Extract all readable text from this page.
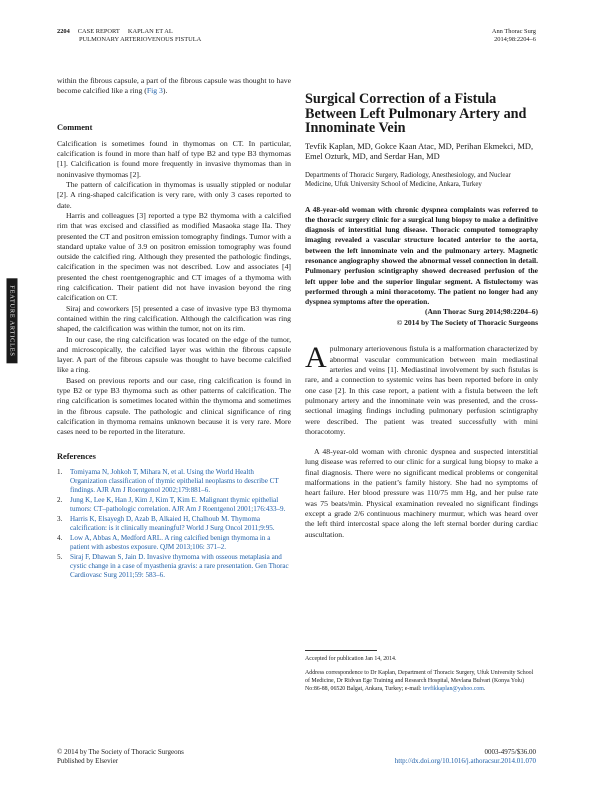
2204 CASE REPORT KAPLAN ET AL
PULMONARY ARTERIOVENOUS FISTULA
Ann Thorac Surg
2014;98:2204–6
FEATURE ARTICLES

within the fibrous capsule, a part of the fibrous capsule was thought to have become calcified like a ring (Fig 3).

Comment

Calcification is sometimes found in thymomas on CT. In particular, calcification is found in more than half of type B2 and type B3 thymomas [1]. Calcification is found more frequently in invasive thymomas than in noninvasive thymomas [2].

The pattern of calcification in thymomas is usually stippled or nodular [2]. A ring-shaped calcification is very rare, with only 3 cases reported to date.

Harris and colleagues [3] reported a type B2 thymoma with a calcified rim that was excised and classified as modified Masaoka stage IIa. They presented the CT and positron emission tomography findings. Tumor with a standard uptake value of 3.9 on positron emission tomography was found outside the calcified ring. Although they presented the pathologic findings, calcification in the specimen was not described. Low and associates [4] presented the chest roentgenographic and CT images of a thymoma with ring calcification. Their patient did not have invasion beyond the ring calcification on CT.

Siraj and coworkers [5] presented a case of invasive type B3 thymoma contained within the ring calcification. Although the calcification was ring shaped, the calcification was within the tumor, not on its rim.

In our case, the ring calcification was located on the edge of the tumor, and microscopically, the calcified layer was within the fibrous capsule layer. A part of the fibrous capsule was thought to have become calcified like a ring.

Based on previous reports and our case, ring calcification is found in type B2 or type B3 thymoma such as other patterns of calcification. The ring calcification is sometimes located within the thymoma and sometimes in the fibrous capsule. The pathologic and clinical significance of ring calcification in thymoma remains unknown because it is very rare. More cases need to be reported in the literature.

References
1. Tomiyama N, Johkoh T, Mihara N, et al. Using the World Health Organization classification of thymic epithelial neoplasms to describe CT findings. AJR Am J Roentgenol 2002;179:881–6.
2. Jung K, Lee K, Han J, Kim J, Kim T, Kim E. Malignant thymic epithelial tumors: CT–pathologic correlation. AJR Am J Roentgenol 2001;176:433–9.
3. Harris K, Elsayegh D, Azab B, Alkaied H, Chalhoub M. Thymoma calcification: is it clinically meaningful? World J Surg Oncol 2011;9:95.
4. Low A, Abbas A, Medford ARL. A ring calcified benign thymoma in a patient with asbestos exposure. QJM 2013;106: 371–2.
5. Siraj F, Dhawan S, Jain D. Invasive thymoma with osseous metaplasia and cystic change in a case of myasthenia gravis: a rare presentation. Gen Thorac Cardiovasc Surg 2011;59: 583–6.
Surgical Correction of a Fistula Between Left Pulmonary Artery and Innominate Vein
Tevfik Kaplan, MD, Gokce Kaan Atac, MD, Perihan Ekmekci, MD, Emel Ozturk, MD, and Serdar Han, MD
Departments of Thoracic Surgery, Radiology, Anesthesiology, and Nuclear Medicine, Ufuk University School of Medicine, Ankara, Turkey

A 48-year-old woman with chronic dyspnea complaints was referred to the thoracic surgery clinic for a surgical lung biopsy to make a definitive diagnosis of interstitial lung disease. Thoracic computed tomography imaging revealed a vascular structure located anterior to the aorta, between the left innominate vein and the pulmonary artery. Magnetic resonance angiography showed the abnormal vessel connection in detail. Pulmonary perfusion scintigraphy showed decreased perfusion of the left upper lobe and the superior lingular segment. A fistulectomy was performed through a mini thoracotomy. The patient no longer had any dyspnea symptoms after the operation.

(Ann Thorac Surg 2014;98:2204–6)
© 2014 by The Society of Thoracic Surgeons

Apulmonary arteriovenous fistula is a malformation characterized by abnormal vascular communication between main mediastinal arteries and veins [1]. Mediastinal involvement by such fistulas is rare, and a connection to systemic veins has been reported before in only one case [2]. In this case report, a patient with a fistula between the left pulmonary artery and the innominate vein was presented, and the cross-sectional imaging findings including pulmonary perfusion scintigraphy were described. The patient was treated successfully with mini thoracotomy.

A 48-year-old woman with chronic dyspnea and suspected interstitial lung disease was referred to our clinic for a surgical lung biopsy to make a final diagnosis. There were no significant medical problems or congenital malformations in the patient’s family history. She had no symptoms of heart failure. Her blood pressure was 110/75 mm Hg, and her pulse rate was 75 beats/min. Physical examination revealed no significant findings except a grade 2/6 continuous machinery murmur, which was heard over the left third intercostal space along the left sternal border during cardiac auscultation.

Accepted for publication Jan 14, 2014.
Address correspondence to Dr Kaplan, Department of Thoracic Surgery, Ufuk University School of Medicine, Dr Ridvan Ege Training and Research Hospital, Mevlana Bulvari (Konya Yolu) No:86-88, 06520 Balgat, Ankara, Turkey; e-mail: tevfikkaplan@yahoo.com.
© 2014 by The Society of Thoracic Surgeons
Published by Elsevier
0003-4975/$36.00
http://dx.doi.org/10.1016/j.athoracsur.2014.01.070
